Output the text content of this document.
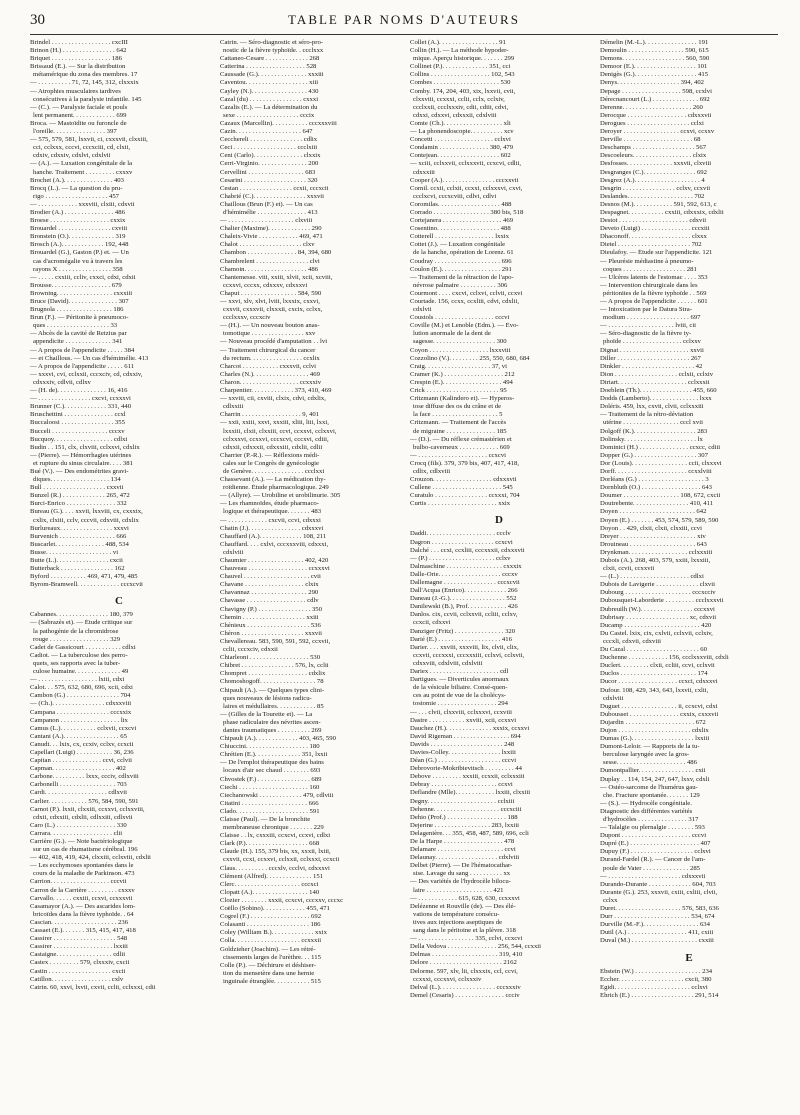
30	TABLE PAR NOMS D'AUTEURS
Brindel . . . . . . . . . . . . . . . . . . cxcIII
Brinon (H.) . . . . . . . . . . . . . . . . 642
Briquet . . . . . . . . . . . . . . . . . . 186
Brissaud (E.). — Sur la distribution
métamérique du zona des membres. 17
— . . . . . . . . . . 71, 72, 145, 312, clxxxix
— Atrophies musculaires tardives
consécutives à la paralysie infantile. 145
— (C.). — Paralysie faciale et pouls
lent permanent. . . . . . . . . . . . . 699
Broca. — Mastoïdite ou furoncle de
l'oreille. . . . . . . . . . . . . . . . 397
— 575, 579, 581, lxxvii, ci, cxxxvii, clxxiii,
cci, cclxxx, cccvi, cccxciii, cd, clxii,
cdxiv, cdxxiv, cdxlvi, cdxlvii
— (A.). — Luxation congénitale de la
hanche. Traitement . . . . . . . . . cxxxv
Brochet (A.). . . . . . . . . . . . . . . 403
Brocq (L.). — La question du pru-
rigo . . . . . . . . . . . . . . . . . . . 457
— . . . . . . . . . . . . xxxviii, clxiii, cdxvii
Brodier (A.) . . . . . . . . . . . . . . . 486
Broese . . . . . . . . . . . . . . . . . . cxxix
Brouardel . . . . . . . . . . . . . . . . cxviii
Bronstein (O.). . . . . . . . . . . . . . 319
Brosch (A.). . . . . . . . . . . . . 192, 448
Brouardel (G.), Gaston (P.) et. — Un
cas d'acromégalie vu à travers les
rayons X . . . . . . . . . . . . . . . . 358
— . . . . . cxxiii, ccliv, cxxci, cdxi, cdxii
Brousse. . . . . . . . . . . . . . . . . . 679
Browning. . . . . . . . . . . . . . . . . cxxxiii
Bruce (David). . . . . . . . . . . . . . . 307
Brugnola . . . . . . . . . . . . . . . . . 186
Brun (F.). — Péritonite à pneumoco-
ques . . . . . . . . . . . . . . . . . . . 33
— Abcès de la cavité de Retzius par
appendicite . . . . . . . . . . . . . . 341
— A propos de l'appendicite . . . . . 384
— et Chaillous. — Un cas d'hémimélie. 413
— A propos de l'appendicite . . . . . 611
— xxxvi, cvi, cclxxii, cccxciv, cd, cdxxiv,
cdxxxiv, cdlvii, cdlxv
— (H. de). . . . . . . . . . . . . . . 16, 416
— . . . . . . . . . . . . . . . . cxcvi, ccxxxvi
Brunner (C.). . . . . . . . . . . . . 331, 440
Bruschettini . . . . . . . . . . . . . . . ccxl
Buccaloosi . . . . . . . . . . . . . . . . 355
Bucceli . . . . . . . . . . . . . . . . . cccxv
Bucquoy. . . . . . . . . . . . . . . . . . cdlxi
Budin . . 151, clx, clxviii, cclxxvi, cdxlix
— (Pierre). — Hémorrhagies utérines
et rupture du sinus circulaire. . . . 381
Bué (V.). — Des endométrites gravi-
diques. . . . . . . . . . . . . . . . . . 134
Bull . . . . . . . . . . . . . . . . . . . cxxvii
Bunzel (R.) . . . . . . . . . . . . . 265, 472
Burci-Enrico . . . . . . . . . . . . . . . 332
Bureau (G.). . . . xxvii, lxxviii, cx, cxxxix,
cxlix, clxiii, cclv, cccvii, cdxviii, cdxlix
Burlureaux. . . . . . . . . . . . . . . . xxxvi
Burvenich . . . . . . . . . . . . . . . . . 666
Buscarlet. . . . . . . . . . . . . . . 488, 534
Busse. . . . . . . . . . . . . . . . . . . . vi
Butte (L.). . . . . . . . . . . . . . . . cxcii
Butterback . . . . . . . . . . . . . . . . 162
Byford . . . . . . . . . . . 469, 471, 479, 485
Byrom-Bramwell. . . . . . . . . . . . . cccxcvii
C
Cabannes. . . . . . . . . . . . . . . . 180, 379
— (Sabrazès et). — Étude critique sur
la pathogénie de la chromidrose
rouge . . . . . . . . . . . . . . . . . . 329
Cadet de Gassicourt . . . . . . . . . . . cdlxi
Cadiot. — La tuberculose des perro-
quets, ses rapports avec la tuber-
culose humaine. . . . . . . . . . . . . . 49
— . . . . . . . . . . . . . . . . . . lxiii, cdxi
Calot. . . 575, 632, 680, 696, xcii, cdxi
Cambon (G.) . . . . . . . . . . . . . . . . 704
— (Ch.). . . . . . . . . . . . . . . . cdxxxviii
Campana . . . . . . . . . . . . . . . . cccxxix
Campanon . . . . . . . . . . . . . . . . . . lix
Camus (L.). . . . . . . . . . . cclxvii, ccxcvi
Cantani (A.). . . . . . . . . . . . . . . . . 65
Canudt. . . lxix, cx, ccxiv, cclxv, ccxcii
Capellari (Luigi) . . . . . . . . . . . 36, 236
Capitan . . . . . . . . . . . . . . . ccvi, cclvii
Capman. . . . . . . . . . . . . . . . . . . 402
Carbone. . . . . . . . . . lxxx, ccciv, cdlxviii
Carbonelli . . . . . . . . . . . . . . . . . 703
Cardi. . . . . . . . . . . . . . . . . . . cdlxvii
Carlier. . . . . . . . . . . . 576, 584, 590, 591
Carnot (P.). lxxii, clxxiii, ccxxvi, cclxxviii,
cdxii, cdxxiii, cdxlii, cdlxxiii, cdlxvii
Caro (L.) . . . . . . . . . . . . . . . . . . 330
Carrara. . . . . . . . . . . . . . . . . . . clii
Carrière (G.). — Note bactériologique
sur un cas de rhumatisme cérébral. 196
— 402, 418, 419, 424, clxxiii, cclxviii, cdxlii
— Les ecchymoses spontanées dans le
cours de la maladie de Parkinson. 473
Carrion. . . . . . . . . . . . . . . . . . cccvii
Carron de la Carrière . . . . . . . . . cxxxv
Carvallo. . . . . . cxxiii, ccxvi, ccxxxvii
Casamayor (A.). — Des ascarides lom-
bricoïdes dans la fièvre typhoïde. . 64
Cascian. . . . . . . . . . . . . . . . . . . . 236
Cassaet (E.). . . . . . . 315, 415, 417, 418
Cassirer . . . . . . . . . . . . . . . . . . . 548
Cassirer . . . . . . . . . . . . . . . . . . lxxiii
Castaigne. . . . . . . . . . . . . . . . . cdlii
Castex . . . . . . . . . 579, clxxxiv, cxcii
Castin . . . . . . . . . . . . . . . . . . . cxcii
Catillon. . . . . . . . . . . . . . . . . . cxlv
Catrin. 60, xxvi, lxvii, cxvii, cclii, cclxxxi, cdii
Catrin. — Séro-diagnostic et séro-pro-
nostic de la fièvre typhoïde. . ccclxxx
Cattaneo-Cesare . . . . . . . . . . . . . 268
Catterina . . . . . . . . . . . . . . . . . . 528
Caussade (G.). . . . . . . . . . . . . . . xxxiii
Caventou. . . . . . . . . . . . . . . . . . . xiii
Cayley (N.). . . . . . . . . . . . . . . . . 430
Cazal (du) . . . . . . . . . . . . . . . . cxxxi
Cazalis (E.). — La détermination du
sexe . . . . . . . . . . . . . . . . . . . cccix
Cazaux (Marcellin). . . . . . . . . . . cccxxxviii
Cazin. . . . . . . . . . . . . . . . . . . . 647
Cecchereli . . . . . . . . . . . . . . . . cdlix
Ceci . . . . . . . . . . . . . . . . . . . ccclxiii
Ceni (Carlo). . . . . . . . . . . . . . . clxxix
Cerri-Virginio. . . . . . . . . . . . . . . 200
Cervellini . . . . . . . . . . . . . . . . . 683
Cesarini . . . . . . . . . . . . . . . . . . . 320
Cestan . . . . . . . . . . . . . . . . ccxii, cccxcii
Chabrié (C.). . . . . . . . . . . . . . . . xxxvii
Chaillous (Brun (F.) et). — Un cas
d'hémimélie . . . . . . . . . . . . . . . 413
— . . . . . . . . . . . . . . . . . . . . clxviii
Chalier (Maxime). . . . . . . . . . . . . 290
Chaleix-Vivie . . . . . . . . . . . . 469, 471
Chalot . . . . . . . . . . . . . . . . . . . clxv
Chambon . . . . . . . . . . . . . . . 84, 394, 680
Chambrelent . . . . . . . . . . . . . . . . clvi
Chamoin. . . . . . . . . . . . . . . . . . . 486
Chantemesse. viii, xxiii, xlvii, xcii, xcviii,
ccxxvi, cccxx, cdxxxv, cdxxxvi
Chaput . . . . . . . . . . . . . . . . . 584, 590
— xxvi, xlv, xlvi, lviii, lxxxix, cxxvi,
cxxvii, cxxxvii, clxxxii, cxcix, cclxx,
ccclxxxv, cccxciv
— (H.). — Un nouveau bouton anas-
tomotique . . . . . . . . . . . . . . . . xxv
— Nouveau procédé d'amputation . . lvi
— Traitement chirurgical du cancer
du rectum. . . . . . . . . . . . . . . . ccxlix
Charcot . . . . . . . . . . . cxxxvii, cclvi
Charles (N.). . . . . . . . . . . . . . . . . 469
Charon. . . . . . . . . . . . . . . . . . ccxxxiv
Charpentier. . . . . . . . . . . . . 373, 410, 469
— xxviii, cii, cxviii, clxix, cdvi, cdxlix,
cdlxxiii
Charrin . . . . . . . . . . . . . . . . . . 9, 401
— xxii, xxiii, xxvi, xxxiii, xliii, liii, lxxi,
lxxxiii, clxii, clxxiii, ccvi, ccxxvi, cclxxvi,
cclxxxvi, ccxxvi, cccxcvi, cccxvi, cdiii,
cdxxii, cdxxxii, cdxxxiii, cdxlii, cdlii
Charrier (P.-R.). — Réflexions médi-
cales sur le Congrès de gynécologie
de Genève. . . . . . . . . . . . . . . . ccclxxi
Chassevant (A.). — La médication thy-
roïdienne. Étude pharmacologique. 249
— (Allyre). — Urobiline et urobilinurie. 305
— Les rhamnoïdes, étude pharmaco-
logique et thérapeutique. . . . . . . 483
— . . . . . . . . . . . . cxcvii, ccvi, cdxxxi
Chatin (J.). . . . . . . . . . . . . . . . cdxxxvi
Chauffard (A.). . . . . . . . . . . . . 108, 211
Chauffard. . . . cxlvi, cccxxxviii, cdxxxi,
cdxlviii
Chaumier . . . . . . . . . . . . . . . . . 402, 420
Chauveau . . . . . . . . . . . . . . . . . . ccxxxvi
Chauvel . . . . . . . . . . . . . . . . . . . . cvii
Chavane . . . . . . . . . . . . . . . . . . clxix
Chavannaz . . . . . . . . . . . . . . . . . 290
Chavasse . . . . . . . . . . . . . . . . . . cdlv
Chavigny (P.) . . . . . . . . . . . . . . . . 350
Chemin . . . . . . . . . . . . . . . . . . . xxiii
Chénieux . . . . . . . . . . . . . . . . . . . 536
Chéron . . . . . . . . . . . . . . . . . . . xxxvii
Chevallereau. 583, 590, 591, 592, ccxvii,
cclii, cccxciv, cdxxii
Chiarleoni . . . . . . . . . . . . . . . . . . 530
Chibret . . . . . . . . . . . . . . . . 576, lx, cclii
Chompret . . . . . . . . . . . . . . . . . . cdxlix
Chomoshogoff. . . . . . . . . . . . . . . . . 78
Chipault (A.). — Quelques types clini-
ques nouveaux de lésions radicu-
laires et médullaires. . . . . . . . . . . . 85
— (Gilles de la Tourette et). — La
phase radiculaire des névrites ascen-
dantes traumatiques . . . . . . . . . . 269
Chipault (A.). . . . . . . . . . . . . 403, 465, 590
Chiuccini. . . . . . . . . . . . . . . . . . . 180
Chrétien (E.). . . . . . . . . . . . . . 351, lxxii
— De l'emploi thérapeutique des bains
locaux d'air sec chaud . . . . . . . . 693
Chvostek (F.) . . . . . . . . . . . . . . . . 689
Ciechi . . . . . . . . . . . . . . . . . . . . . 160
Ciechanowski . . . . . . . . . . . . . 479, cdlviii
Citatini . . . . . . . . . . . . . . . . . . . . 666
Clado. . . . . . . . . . . . . . . . . . . . . . 591
Claisse (Paul). — De la bronchite
membraneuse chronique . . . . . . . 229
Claisse . . lx, cxxxiii, ccxcvi, ccxvi, cdlxi
Clark (P.). . . . . . . . . . . . . . . . . . . 668
Claude (H.). 155, 379 bis, xx, xxxii, lxiii,
cxxvii, ccxi, ccxxvi, cclxxii, cclxxxi, ccxcii
Claus. . . . . . . . . . cccxlv, ccclvi, cdxxxvi
Clément (Alfred). . . . . . . . . . . . . . 151
Clerc. . . . . . . . . . . . . . . . . . . . cccxci
Clopatt (A.). . . . . . . . . . . . . . . . . 140
Clozier . . . . . . . . xxxii, ccxcvi, cccxxv, cccxc
Coëllo (Sobino). . . . . . . . . . . . . 455, 471
Cogrel (F.) . . . . . . . . . . . . . . . . . . 692
Colasanti . . . . . . . . . . . . . . . . . . . 186
Coley (William B.). . . . . . . . . . . . . xxix
Colla. . . . . . . . . . . . . . . . . . . . ccxxxii
Goldzieher (Joachim). — Les rétré-
cissements larges de l'urèthre. . . 115
Colle (P.). — Déchirure et déshiser-
tion du mensetère dans une hernie
inguinale étranglée. . . . . . . . . . . 515
Collet (A.). . . . . . . . . . . . . . . . . . 91
Collin (H.). — La méthode hypoder-
mique. Aperçu historique. . . . . . . 299
Collinet (P.). . . . . . . . . . . . . . 351, cci
Collins . . . . . . . . . . . . . . . . . . 102, 543
Combes . . . . . . . . . . . . . . . . . . . . 530
Comby. 174, 204, 403, xix, lxxvii, cvii,
clxxviii, ccxxxi, cclii, cclx, cclxiv,
ccclxxii, ccclxxxiv, cdii, cdiii, cdvi,
cdxxi, cdxxvi, cdxxxii, cdxlviii
Comte (Ch.). . . . . . . . . . . . . . . . . . xli
— La phonendoscopie. . . . . . . . . . xcv
Concetti . . . . . . . . . . . . . . . . . . cclxvi
Condamin . . . . . . . . . . . . . . . 380, 479
Contejean. . . . . . . . . . . . . . . . . . . 602
— xciii, cclxxvii, cclxxxvii, ccxcvi, cdlii,
cdxxxiii
Cooper (A.). . . . . . . . . . . . . . . . cccxxvii
Cornil. ccxii, cclxii, ccxxi, cclxxxvi, cxvi,
ccclxcvi, cccxcviii, cdlvi, cdlvi
Coromilas. . . . . . . . . . . . . . . . . . . 488
Corrado . . . . . . . . . . . . . . . . . 380 bis, 518
Cortejanera . . . . . . . . . . . . . . . . . . 469
Cosentino. . . . . . . . . . . . . . . . . . . 488
Cotterell . . . . . . . . . . . . . . . . . . lxxix
Cottet (J.). — Luxation congénitale
de la hanche, opération de Lorenz. 61
Coudray . . . . . . . . . . . . . . . . . . . . 696
Coulon (E.). . . . . . . . . . . . . . . . . . 291
— Traitement de la rétraction de l'apo-
névrose palmaire . . . . . . . . . . . 306
Courmont . . . . cxcvi, cclxvi, cclvii, ccxvi
Courtade. 156, ccxx, ccxliii, cdvi, cdxlii,
cdxlvii
Coustols . . . . . . . . . . . . . . . . . . cccvi
Coville (M.) et Lenoble (Edm.). — Évo-
lution anormale de la dent de
sagesse. . . . . . . . . . . . . . . . . . . 300
Coyon . . . . . . . . . . . . . . . . . . lxxxviii
Cozzolino (V.). . . . . . . . . 255, 550, 680, 684
Craig. . . . . . . . . . . . . . . . . . . . 37, vi
Cramer (K.) . . . . . . . . . . . . . . . . . . 212
Crespin (E.). . . . . . . . . . . . . . . . . . 494
Crick . . . . . . . . . . . . . . . . . . . . . . 95
Critzmann (Kalindero et). — Hyperos-
tose diffuse des os du crâne et de
la face . . . . . . . . . . . . . . . . . . . . 5
Critzmann. — Traitement de l'accès
de migraine . . . . . . . . . . . . . . . 185
— (D.). — Du réflexe crémastérien et
bulbo-caverneux . . . . . . . . . . . . 669
— . . . . . . . . . . . . . . . . . . . . . ccxcvi
Crocq (fils). 379, 379 bis, 407, 417, 418,
cdlix, cdlxviii
Crouzon. . . . . . . . . . . . . . . . . . cdxxxvii
Cullene . . . . . . . . . . . . . . . . . . . . . 545
Curatulo . . . . . . . . . . . . . . . . ccxxxi, 704
Curtis . . . . . . . . . . . . . . . . . . . . . xxix
D
Daddi. . . . . . . . . . . . . . . . . . . . . ccclv
Dagron . . . . . . . . . . . . . . . . . . . ccxcvi
Dalché . . . ccxi, ccxliii, cccxxxii, cdxxxvii
— (P.) . . . . . . . . . . . . . . . . . . . . cclxv
Dalmaschine . . . . . . . . . . . . . . . . . cxxxix
Dalle-Orie. . . . . . . . . . . . . . . . . . . cccxv
Dallemagne . . . . . . . . . . . . . . . . cccxcvii
Dall'Acqua (Enrico). . . . . . . . . . . . . 266
Daneau (J.-G.). . . . . . . . . . . . . . . . . 552
Danilewski (B.), Prof. . . . . . . . . . . . 426
Danlos. cix, ccvii, cclxxvii, ccliii, cclxv,
ccxcii, cdxxvi
Danziger (Fritz) . . . . . . . . . . . . . . . 320
Darié (E.) . . . . . . . . . . . . . . . . . . . 416
Darier. . . . xxviii, xxxviii, lix, clvii, clix,
ccxvii, cccxxxi, cccxxxiii, cclxvi, cclxvii,
cdxxviii, cdxlviii, cdxlviii
Dariex . . . . . . . . . . . . . . . . . . . . . cdl
Dartigues. — Diverticules anormaux
de la vésicule biliaire. Consé-quen-
ces au point de vue de la cholécys-
tostomie . . . . . . . . . . . . . . . . . . 294
— . . . clvii, clxxviii, cclxxxvi, ccxviii
Dastre . . . . . . . . . . . xxviii, xcii, ccxxvi
Dauchez (H.). . . . . . . . . . . . . . xxxix, ccxxvi
David Rigeman . . . . . . . . . . . . . . . . . 694
Davids . . . . . . . . . . . . . . . . . . . . . . 248
Davies-Colley. . . . . . . . . . . . . . . . lxxiii
Déan (G.) . . . . . . . . . . . . . . . . . . . cccvi
Debrovorie-Mokribievitsch . . . . . . . . . 44
Debove . . . . . . . . . xxxiii, ccxxii, cclxxxiii
Debray . . . . . . . . . . . . . . . . . . . . ccxvi
Deflandre (Mlle). . . . . . . . . . . . lxxiii, clxxiii
Degny. . . . . . . . . . . . . . . . . . . . . cclxiii
Dehenne. . . . . . . . . . . . . . . . . . . . cccxciii
Dehio (Prof.) . . . . . . . . . . . . . . . . . . 188
Dejerine . . . . . . . . . . . . . . . . . 283, lxxiii
Delagenière. . . 355, 458, 487, 589, 696, ccli
De la Harpe . . . . . . . . . . . . . . . . . . 478
Delamare . . . . . . . . . . . . . . . . . . . . ccvi
Delaunay. . . . . . . . . . . . . . . . . . . cdxlviii
Delbet (Pierre). — De l'hématocathar-
sise. Lavage du sang . . . . . . . . . . xx
— Des variétés de l'hydrocèle bilocu-
laire . . . . . . . . . . . . . . . . . . . . 421
— . . . . . . . . . . . . 615, 628, 630, ccxxxvi
Delézenne et Rouville (de). — Des élé-
vations de température consécu-
tives aux injections aseptiques de
sang dans le péritoine et la plèvre. 318
— . . . . . . . . . . . . . . . . . 335, cclvi, ccxcvi
Della Vedova . . . . . . . . . . . . . . . 256, 544, ccxxii
Delmas . . . . . . . . . . . . . . . . . . . . 319, 410
Delore . . . . . . . . . . . . . . . . . . . . . . 2162
Delorme. 597, xlv, lii, clxxxix, ccl, ccvi,
ccxxxi, cccxxvi, cclxxxiv
Delval (L.). . . . . . . . . . . . . . . . . cccxxxiv
Demel (Cesaris) . . . . . . . . . . . . . . . ccciv
Démelin (M.-L.). . . . . . . . . . . . . . . . 191
Demoulin . . . . . . . . . . . . . . . . . 590, 615
Demons. . . . . . . . . . . . . . . . . . . 560, 590
Demoor (E.). . . . . . . . . . . . . . . . . . . 101
Denigès (G.). . . . . . . . . . . . . . . . . . . 415
Denys. . . . . . . . . . . . . . . . . . . 394, 402
Depage . . . . . . . . . . . . . . . . . . 598, ccxlvi
Dérecnancourt (L.) . . . . . . . . . . . . . . 692
Derenne. . . . . . . . . . . . . . . . . . . . . 260
Derocque . . . . . . . . . . . . . . . . . . cdxxxvii
Derogues . . . . . . . . . . . . . . . . . . . cclxi
Deroyer . . . . . . . . . . . . . . . . . ccxvi, ccxxv
Derville . . . . . . . . . . . . . . . . . . . . . 68
Deschamps . . . . . . . . . . . . . . . . . . . 567
Descoeleurs. . . . . . . . . . . . . . . . . . clxix
Desfosses. . . . . . . . . . . . . . xxxvii, clxviii
Desgranges (C.). . . . . . . . . . . . . . . . 692
Desgrez (A.). . . . . . . . . . . . . . . . . . . . 4
Desgrin . . . . . . . . . . . . . . . . cclxv, ccxvii
Deslandes. . . . . . . . . . . . . . . . . . . . 702
Desnos (M.). . . . . . . . . . . . 591, 592, 613, c
Despagnet. . . . . . . . . . . cxxiii, cdxxxix, cdxlii
Destot . . . . . . . . . . . . . . . . . . . . . cdxvii
Deveto (Luigi) . . . . . . . . . . . . . . . cccxiii
Dhaconoff. . . . . . . . . . . . . . . . . . . clxxx
Dietel . . . . . . . . . . . . . . . . . . . . . . 702
Dieulafoy. — Étude sur l'appendicite. 121
— Pleurésie médiastine à pneumo-
coques . . . . . . . . . . . . . . . . . . . 281
— Ulcères latents de l'estomac . . . . 353
— Intervention chirurgicale dans les
péritonites de la fièvre typhoïde . . 569
— A propos de l'appendicite . . . . . . 601
— Intoxication par le Datura Stra-
modium . . . . . . . . . . . . . . . . . . . 697
— . . . . . . . . . . . . . . . . . . . . lviii, cii
— Séro-diagnostic de la fièvre ty-
phoïde . . . . . . . . . . . . . . . . . . cclxxv
Dignat . . . . . . . . . . . . . . . . . . . . . xxvii
Diller . . . . . . . . . . . . . . . . . . . . . . 267
Dinkler . . . . . . . . . . . . . . . . . . . . . . 42
Dion . . . . . . . . . . . . . . . . . . . cclxii, cclxiv
Diriart. . . . . . . . . . . . . . . . . . . . . cclxxxii
Doeblein (Th.). . . . . . . . . . . . . . . . 455, 660
Dodds (Lamberto). . . . . . . . . . . . . . . lxxx
Doléris. 459, lxx, cxvii, clvii, cclxxxiii
— Traitement de la rétro-déviation
utérine . . . . . . . . . . . . . . . . . cccl xvii
Dolgoff (K.). . . . . . . . . . . . . . . . . . . 283
Dolinsky. . . . . . . . . . . . . . . . . . . . . . lx
Dominici (H.) . . . . . . . . . . . . . . . ccxcc, cdiii
Dopper (G.) . . . . . . . . . . . . . . . . . . . 307
Dor (Louis). . . . . . . . . . . . . . . . . ccii, clxxxvi
Dorff. . . . . . . . . . . . . . . . . . . . . . ccxxlviii
Dorléans (G.) . . . . . . . . . . . . . . . . . . . . 3
Dornbluth (O.) . . . . . . . . . . . . . . . . . . 643
Doumer . . . . . . . . . . . . . . . . . 108, 672, cxcii
Doutrebente. . . . . . . . . . . . . . . . . 410, 411
Doyen . . . . . . . . . . . . . . . . . . . . . . . 642
Doyen (E.) . . . . . . . 453, 574, 579, 589, 590
Doyon . . 429, clxii, clxii, clxxiii, ccvi
Dreyer . . . . . . . . . . . . . . . . . . . . . . . xiv
Drouineau . . . . . . . . . . . . . . . . . . . . 643
Drynkman. . . . . . . . . . . . . . . . . . cclxxxiii
Dubois (A.). 268, 403, 579, xxiii, lxxxiii,
clxii, ccvii, ccxxvii
— (L.) . . . . . . . . . . . . . . . . . . . . . cdlxi
Dubois de Lavigerie . . . . . . . . . . . . . clxvii
Dubourg . . . . . . . . . . . . . . . . . . . . cccxcciv
Dubousquet-Laborderie . . . . . . . . . ccclxxxvii
Dubreuilh (W.). . . . . . . . . . . . . . . . cccxxvi
Dubrisay . . . . . . . . . . . . . . . . . . . xc, cdxvii
Ducamp . . . . . . . . . . . . . . . . . . . . . . . 420
Du Castel. lxix, cix, cxlvii, cclxvii, cclxiv,
cccxli, cdxvii, cdxviii
Du Cazal . . . . . . . . . . . . . . . . . . . . . . 60
Duchenne . . . . . . . . . . . . 156, ccclxxxviii, cdxli
Duclert. . . . . . . . . clxii, ccliii, ccvi, cclxvii
Duclos . . . . . . . . . . . . . . . . . . . . . . . 174
Ducor . . . . . . . . . . . . . . . . . . ccxci, cdxxxvi
Dufour. 108, 429, 343, 643, lxxvii, cxlii,
cdxlviii
Duguet . . . . . . . . . . . . . . . . . ii, ccxcvi, cdxi
Dubousset . . . . . . . . . . . . . . . cxxix, cxxxvii
Dujardin . . . . . . . . . . . . . . . . . . . . . 672
Dujon . . . . . . . . . . . . . . . . . . . . . . cdxlix
Dumas (G.). . . . . . . . . . . . . . . . . . . lxxiii
Dumont-Leloir. — Rapports de la tu-
berculose laryngée avec la gros-
sesse. . . . . . . . . . . . . . . . . . . . . 486
Dumontpallier. . . . . . . . . . . . . . . . . cxii
Duplay . . 114, 154, 247, 647, lxxv, cdxli
— Ostéo-sarcome de l'humérus gau-
che. Fracture spontanée. . . . . . . 129
— (S.). — Hydrocèle congénitale.
Diagnostic des différentes variétés
d'hydrocèles . . . . . . . . . . . . . . . 317
— Talalgie ou plernalgie . . . . . . . . 593
Dupont . . . . . . . . . . . . . . . . . . . . . cccvi
Dupré (E.) . . . . . . . . . . . . . . . . . . . . . 407
Dupuy (F.) . . . . . . . . . . . . . . . . . . . cclxvi
Durand-Fardel (R.). — Cancer de l'am-
poule de Vater . . . . . . . . . . . . . . 285
— . . . . . . . . . . . . . . . . . . . . . . cdxxxvii
Durando-Durante . . . . . . . . . . . . . 604, 703
Durante (G.). 253, xxxvii, cxiii, cxliii, clvii,
cclxx
Duret. . . . . . . . . . . . . . . . . . . . 576, 583, 636
Durr . . . . . . . . . . . . . . . . . . . . . . . 534, 674
Durville (M.-F.). . . . . . . . . . . . . . . . . 634
Dutil (A.) . . . . . . . . . . . . . . . . . . 411, cxiii
Duval (M.) . . . . . . . . . . . . . . . . . . . . cxxiii
E
Ebstein (W.) . . . . . . . . . . . . . . . . . . . . 234
Eccher. . . . . . . . . . . . . . . . . . . . cxcii, 380
Egidi. . . . . . . . . . . . . . . . . . . . . . . cclxvi
Ehrich (E.) . . . . . . . . . . . . . . . . . . . 291, 514
